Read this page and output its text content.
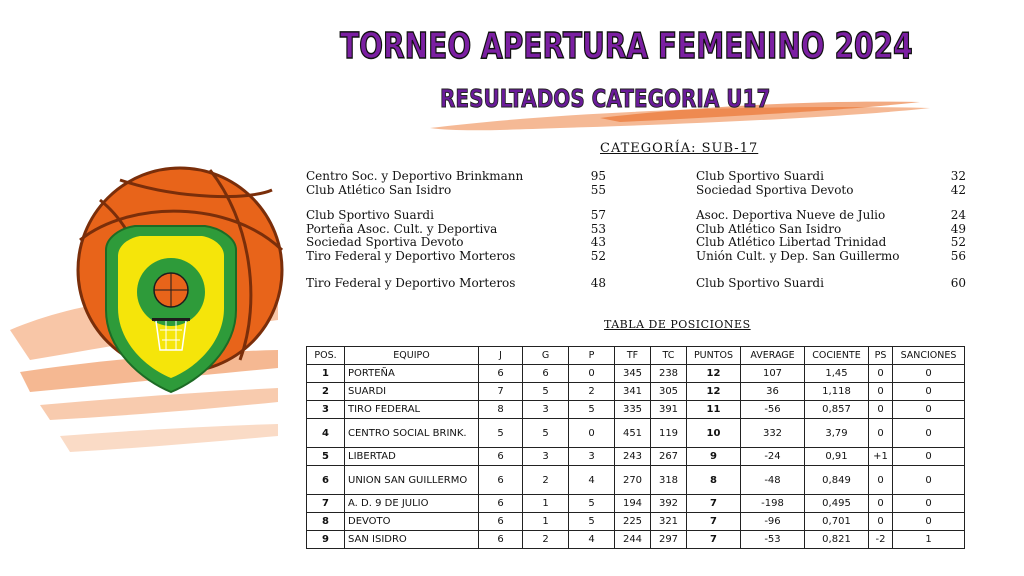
TORNEO APERTURA FEMENINO 2024
RESULTADOS CATEGORIA U17
CATEGORÍA: SUB-17
Centro Soc. y Deportivo Brinkmann	95
Club Atlético San Isidro	55
Club Sportivo Suardi	57
Porteña Asoc. Cult. y Deportiva	53
Sociedad Sportiva Devoto	43
Tiro Federal y Deportivo Morteros	52
Tiro Federal y Deportivo Morteros	48
Club Sportivo Suardi	32
Sociedad Sportiva Devoto	42
Asoc. Deportiva Nueve de Julio	24
Club Atlético San Isidro	49
Club Atlético Libertad Trinidad	52
Unión Cult. y Dep. San Guillermo	56
Club Sportivo Suardi	60
TABLA DE POSICIONES
POS.	EQUIPO	J	G	P	TF	TC	PUNTOS	AVERAGE	COCIENTE	PS	SANCIONES
1	PORTEÑA	6	6	0	345	238	12	107	1,45	0	0
2	SUARDI	7	5	2	341	305	12	36	1,118	0	0
3	TIRO FEDERAL	8	3	5	335	391	11	-56	0,857	0	0
4	CENTRO SOCIAL BRINK.	5	5	0	451	119	10	332	3,79	0	0
5	LIBERTAD	6	3	3	243	267	9	-24	0,91	+1	0
6	UNION SAN GUILLERMO	6	2	4	270	318	8	-48	0,849	0	0
7	A. D. 9 DE JULIO	6	1	5	194	392	7	-198	0,495	0	0
8	DEVOTO	6	1	5	225	321	7	-96	0,701	0	0
9	SAN ISIDRO	6	2	4	244	297	7	-53	0,821	-2	1
